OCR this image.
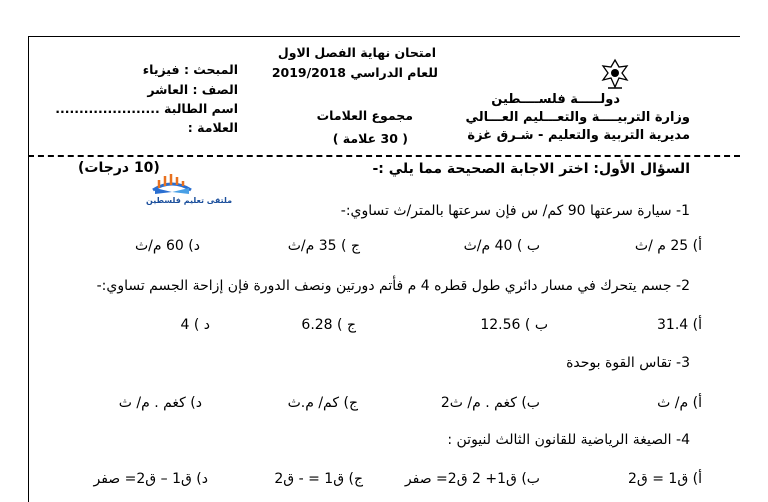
المبحث : فيزياء
الصف : العاشر
اسم الطالبة ......................
العلامة :
امتحان نهاية الفصل الاول
للعام الدراسي 2019/2018
مجموع العلامات
( 30 علامة )
دولـــــة فلســــطين
وزارة التربيــــة والتعـــليم العـــالي
مديرية التربية والتعليم - شـرق غزة
السؤال الأول: اختر الاجابة الصحيحة مما يلي :-
(10 درجات)
ملتقى تعليم فلسطين
1- سيارة سرعتها 90 كم/ س فإن سرعتها بالمتر/ث تساوي:-
أ) 25 م /ث
ب ) 40 م/ث
ج ) 35 م/ث
د) 60 م/ث
2- جسم يتحرك في مسار دائري طول قطره 4 م فأتم دورتين ونصف الدورة فإن إزاحة الجسم تساوي:-
أ) 31.4
ب ) 12.56
ج ) 6.28
د ) 4
3- تقاس القوة بوحدة
أ) م/ ث
ب) كغم . م/ ث2
ج) كم/ م.ث
د) كغم . م/ ث
4- الصيغة الرياضية للقانون الثالث لنيوتن :
أ) ق1 = ق2
ب) ق1+ 2 ق2= صفر
ج) ق1 = - ق2
د) ق1 – ق2= صفر
